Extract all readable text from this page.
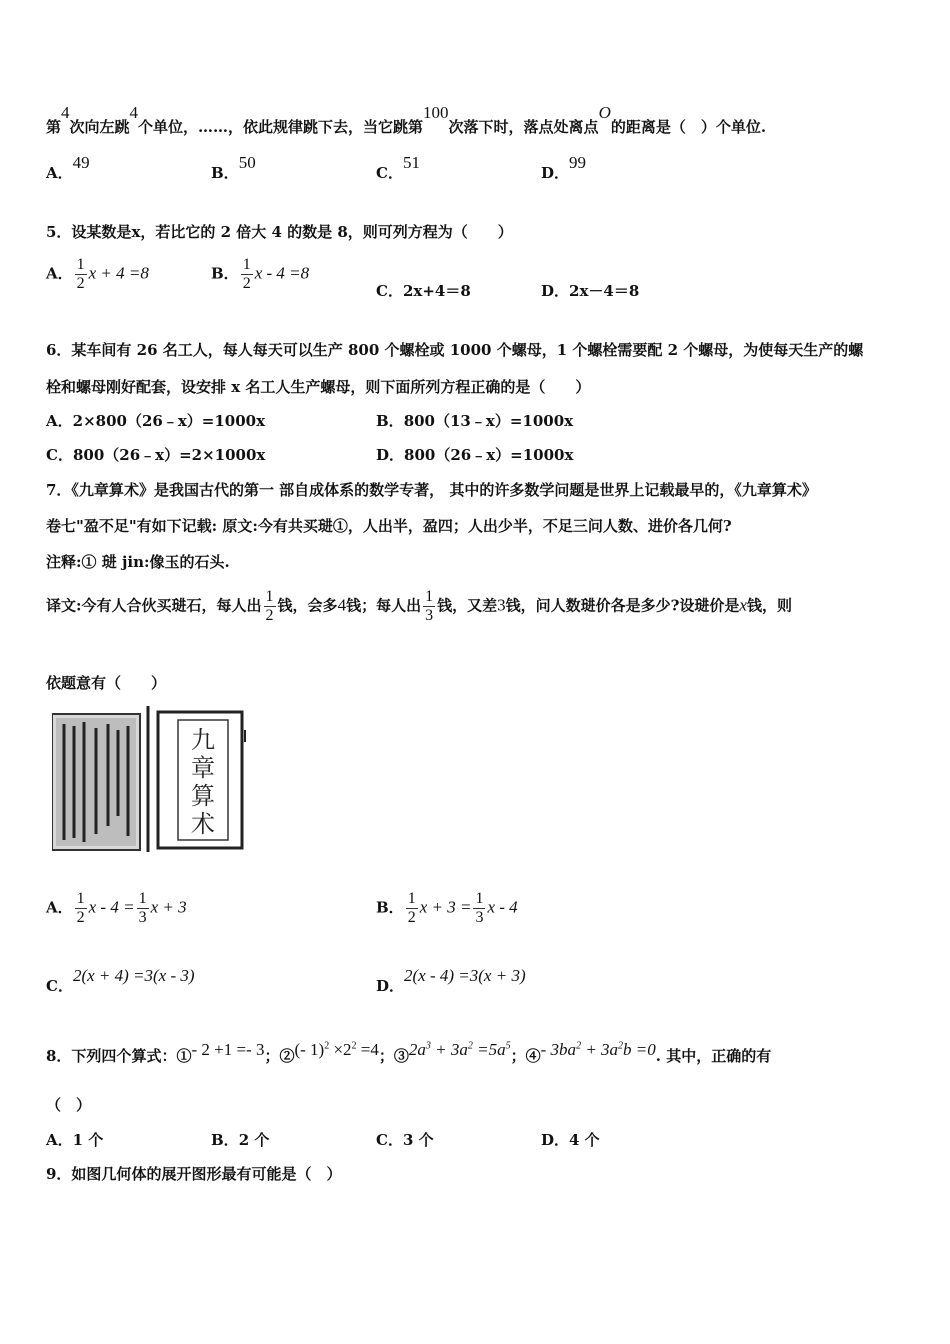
第4次向左跳4个单位，……，依此规律跳下去，当它跳第100次落下时，落点处离点O的距离是（　）个单位.
A．49
B．50
C．51
D．99
5．设某数是x，若比它的 2 倍大 4 的数是 8，则可列方程为（　　）
A． $\frac{1}{2}$ x + 4 =8	B． $\frac{1}{2}$ x - 4 =8
C．2x+4＝8	D．2x－4＝8
6．某车间有 26 名工人，每人每天可以生产 800 个螺栓或 1000 个螺母，1 个螺栓需要配 2 个螺母，为使每天生产的螺
栓和螺母刚好配套，设安排 x 名工人生产螺母，则下面所列方程正确的是（　　）
A．2×800（26﹣x）=1000x	B．800（13﹣x）=1000x
C．800（26﹣x）=2×1000x	D．800（26﹣x）=1000x
7．《九章算术》是我国古代的第一 部自成体系的数学专著， 其中的许多数学问题是世界上记载最早的，《九章算术》
卷七"盈不足"有如下记载: 原文:今有共买琎①，人出半，盈四；人出少半，不足三问人数、进价各几何?
注释:① 琎 jin:像玉的石头.
译文:今有人合伙买琎石，每人出 $\frac{1}{2}$ 钱，会多4钱；每人出 $\frac{1}{3}$ 钱，又差3钱，问人数琎价各是多少?设琎价是x钱，则
依题意有（　　）
九
章
算
术
A． $\frac{1}{2}$ $x - 4 = \frac{1}{3}$ x + 3	B． $\frac{1}{2}$ $x + 3 = \frac{1}{3}$ x - 4
C．2(x + 4) =3(x - 3)
D．2(x - 4) =3(x + 3)
8．下列四个算式：①- 2 +1 =- 3；②(- $1)^2 \times 2^2 =4$；$③2a^3 + 3a^2 =5a^5$；④- $3ba^2 + 3a^2b =0$. 其中，正确的有
（　）
A．1 个	B．2 个	C．3 个	D．4 个
9．如图几何体的展开图形最有可能是（　）
